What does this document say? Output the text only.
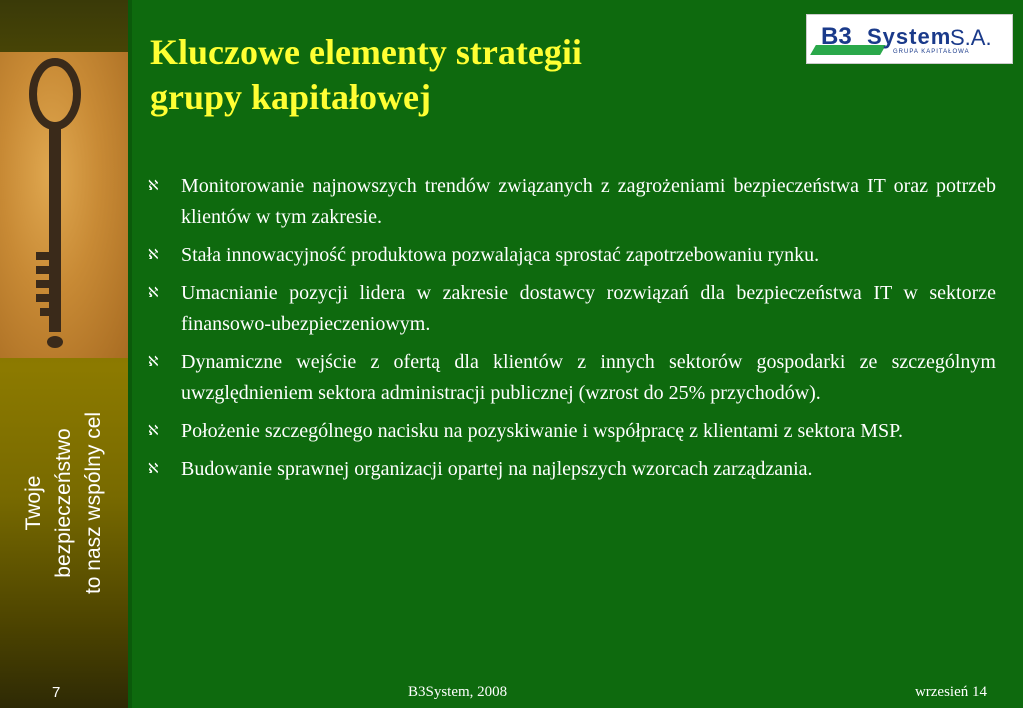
Twoje bezpieczeństwo to nasz wspólny cel
7
B3 System
S.A.
GRUPA KAPITAŁOWA
Kluczowe elementy strategii
grupy kapitałowej
ℵ Monitorowanie najnowszych trendów związanych z zagrożeniami bezpieczeństwa IT oraz potrzeb klientów w tym zakresie.
ℵ Stała innowacyjność produktowa pozwalająca sprostać zapotrzebowaniu rynku.
ℵ Umacnianie pozycji lidera w zakresie dostawcy rozwiązań dla bezpieczeństwa IT w sektorze finansowo-ubezpieczeniowym.
ℵ Dynamiczne wejście z ofertą dla klientów z innych sektorów gospodarki ze szczególnym uwzględnieniem sektora administracji publicznej (wzrost do 25% przychodów).
ℵ Położenie szczególnego nacisku na pozyskiwanie i współpracę z klientami z sektora MSP.
ℵ Budowanie sprawnej organizacji opartej na najlepszych wzorcach zarządzania.
B3System, 2008	wrzesień 14
